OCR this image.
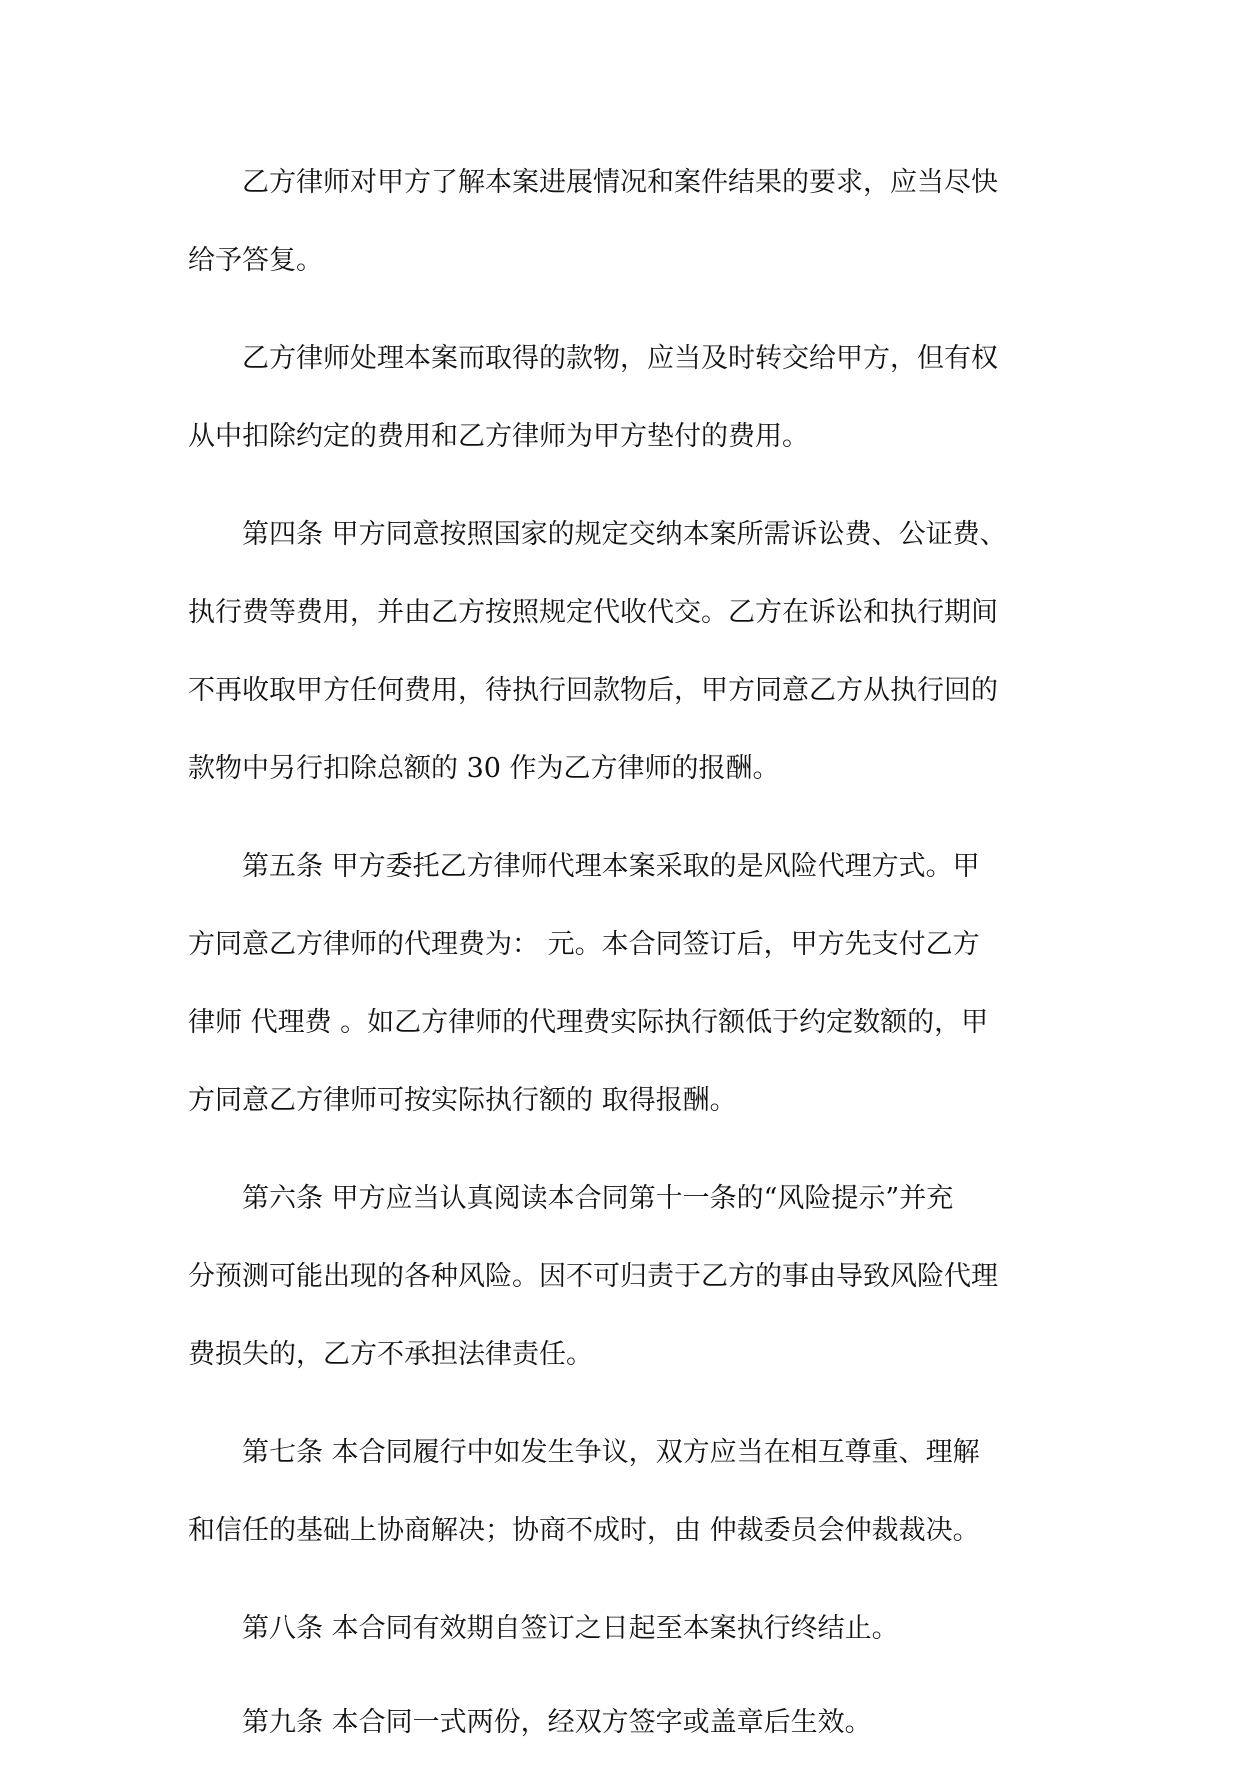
乙方律师对甲方了解本案进展情况和案件结果的要求，应当尽快
给予答复。

乙方律师处理本案而取得的款物，应当及时转交给甲方，但有权
从中扣除约定的费用和乙方律师为甲方垫付的费用。

第四条 甲方同意按照国家的规定交纳本案所需诉讼费、公证费、
执行费等费用，并由乙方按照规定代收代交。乙方在诉讼和执行期间
不再收取甲方任何费用，待执行回款物后，甲方同意乙方从执行回的
款物中另行扣除总额的 30 作为乙方律师的报酬。

第五条 甲方委托乙方律师代理本案采取的是风险代理方式。甲
方同意乙方律师的代理费为： 元。本合同签订后，甲方先支付乙方
律师 代理费 。如乙方律师的代理费实际执行额低于约定数额的，甲
方同意乙方律师可按实际执行额的 取得报酬。

第六条 甲方应当认真阅读本合同第十一条的“风险提示”并充
分预测可能出现的各种风险。因不可归责于乙方的事由导致风险代理
费损失的，乙方不承担法律责任。

第七条 本合同履行中如发生争议，双方应当在相互尊重、理解
和信任的基础上协商解决；协商不成时，由 仲裁委员会仲裁裁决。

第八条 本合同有效期自签订之日起至本案执行终结止。

第九条 本合同一式两份，经双方签字或盖章后生效。
